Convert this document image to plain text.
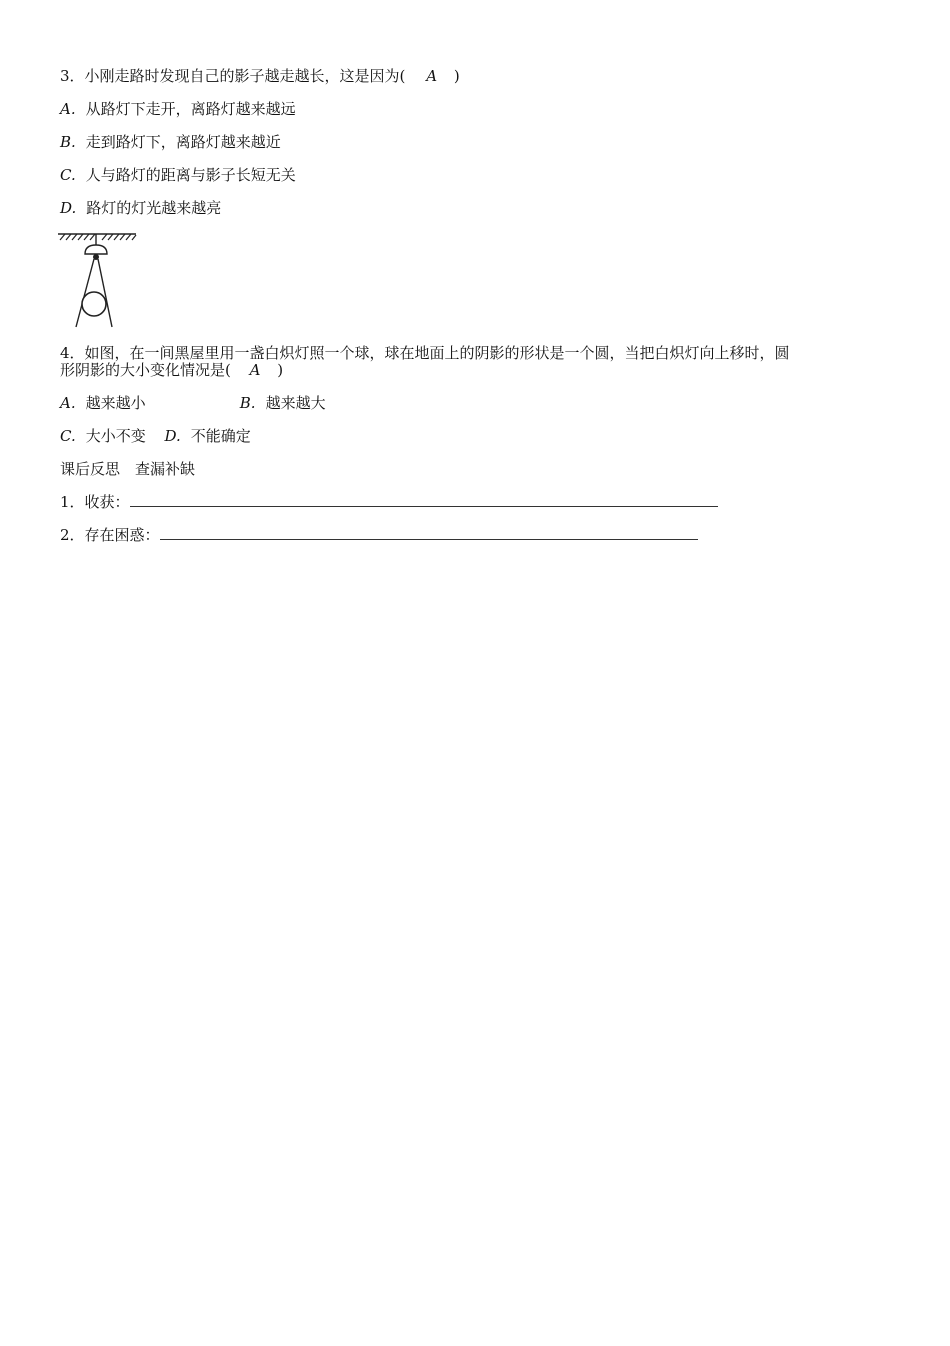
3．小刚走路时发现自己的影子越走越长，这是因为( A )
A. 从路灯下走开，离路灯越来越远
B. 走到路灯下，离路灯越来越近
C. 人与路灯的距离与影子长短无关
D. 路灯的灯光越来越亮
4．如图，在一间黑屋里用一盏白炽灯照一个球，球在地面上的阴影的形状是一个圆，当把白炽灯向上移时，圆
形阴影的大小变化情况是( A )
A. 越来越小	B. 越来越大
C. 大小不变 D. 不能确定
课后反思　查漏补缺
1．收获：
2．存在困惑：
